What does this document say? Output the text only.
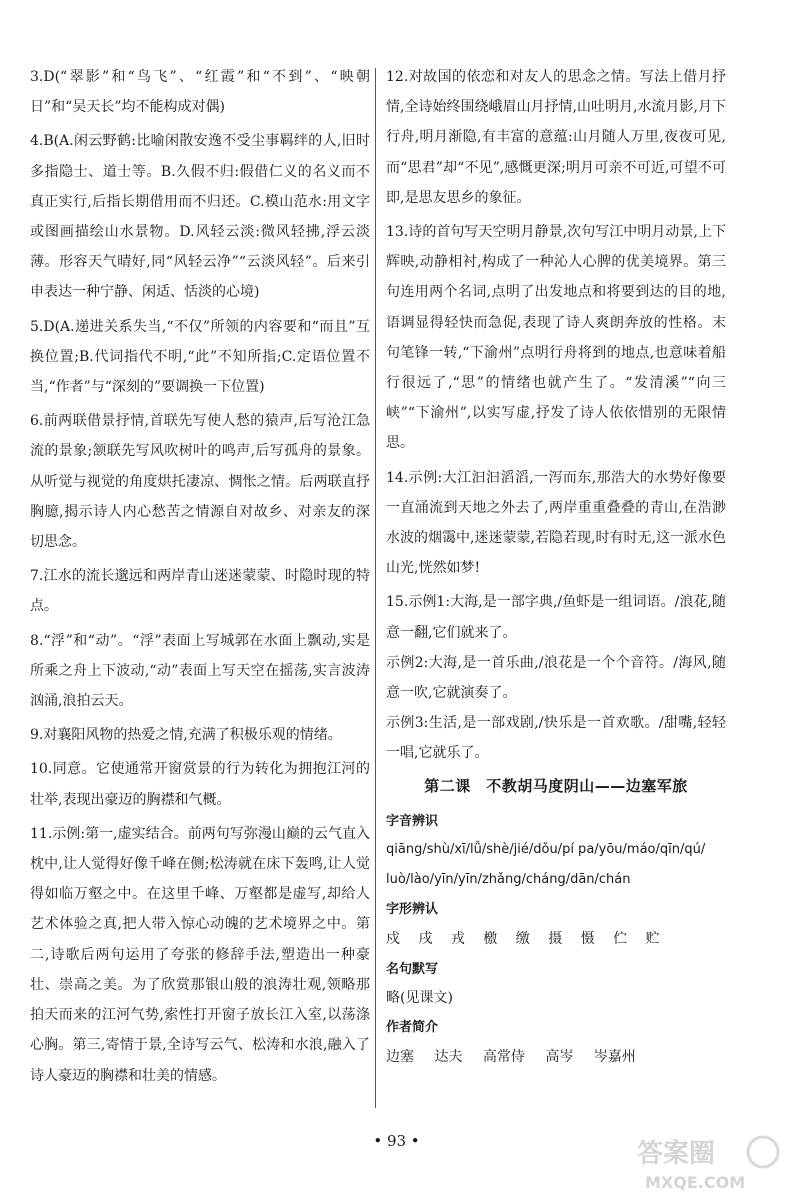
3.D(“翠影”和“鸟飞”、“红霞”和“不到”、“映朝日”和“吴天长”均不能构成对偶)

4.B(A.闲云野鹤:比喻闲散安逸不受尘事羁绊的人,旧时多指隐士、道士等。B.久假不归:假借仁义的名义而不真正实行,后指长期借用而不归还。C.模山范水:用文字或图画描绘山水景物。D.风轻云淡:微风轻拂,浮云淡薄。形容天气晴好,同“风轻云净”“云淡风轻”。后来引申表达一种宁静、闲适、恬淡的心境)

5.D(A.递进关系失当,“不仅”所领的内容要和“而且”互换位置;B.代词指代不明,“此”不知所指;C.定语位置不当,“作者”与“深刻的”要调换一下位置)

6.前两联借景抒情,首联先写使人愁的猿声,后写沧江急流的景象;颔联先写风吹树叶的鸣声,后写孤舟的景象。从听觉与视觉的角度烘托凄凉、惆怅之情。后两联直抒胸臆,揭示诗人内心愁苦之情源自对故乡、对亲友的深切思念。

7.江水的流长邈远和两岸青山迷迷蒙蒙、时隐时现的特点。

8.“浮”和“动”。“浮”表面上写城郭在水面上飘动,实是所乘之舟上下波动,“动”表面上写天空在摇荡,实言波涛汹涌,浪拍云天。

9.对襄阳风物的热爱之情,充满了积极乐观的情绪。

10.同意。它使通常开窗赏景的行为转化为拥抱江河的壮举,表现出豪迈的胸襟和气概。

11.示例:第一,虚实结合。前两句写弥漫山巅的云气直入枕中,让人觉得好像千峰在侧;松涛就在床下轰鸣,让人觉得如临万壑之中。在这里千峰、万壑都是虚写,却给人艺术体验之真,把人带入惊心动魄的艺术境界之中。第二,诗歌后两句运用了夸张的修辞手法,塑造出一种豪壮、崇高之美。为了欣赏那银山般的浪涛壮观,领略那拍天而来的江河气势,索性打开窗子放长江入室,以荡涤心胸。第三,寄情于景,全诗写云气、松涛和水浪,融入了诗人豪迈的胸襟和壮美的情感。

12.对故国的依恋和对友人的思念之情。写法上借月抒情,全诗始终围绕峨眉山月抒情,山吐明月,水流月影,月下行舟,明月渐隐,有丰富的意蕴:山月随人万里,夜夜可见,而“思君”却“不见”,感慨更深;明月可亲不可近,可望不可即,是思友思乡的象征。

13.诗的首句写天空明月静景,次句写江中明月动景,上下辉映,动静相衬,构成了一种沁人心脾的优美境界。第三句连用两个名词,点明了出发地点和将要到达的目的地,语调显得轻快而急促,表现了诗人爽朗奔放的性格。末句笔锋一转,“下渝州”点明行舟将到的地点,也意味着船行很远了,“思”的情绪也就产生了。“发清溪”“向三峡”“下渝州”,以实写虚,抒发了诗人依依惜别的无限情思。

14.示例:大江汩汩滔滔,一泻而东,那浩大的水势好像要一直涌流到天地之外去了,两岸重重叠叠的青山,在浩渺水波的烟霭中,迷迷蒙蒙,若隐若现,时有时无,这一派水色山光,恍然如梦!

15.示例1:大海,是一部字典,/鱼虾是一组词语。/浪花,随意一翻,它们就来了。

示例2:大海,是一首乐曲,/浪花是一个个音符。/海风,随意一吹,它就演奏了。

示例3:生活,是一部戏剧,/快乐是一首欢歌。/甜嘴,轻轻一唱,它就乐了。

第二课　不教胡马度阴山——边塞军旅
字音辨识
qiāng/shù/xī/lǚ/shè/jié/dǒu/pí pa/yōu/máo/qīn/qú/
luò/lào/yīn/yīn/zhǎng/cháng/dān/chán
字形辨认
戍 戌 戎 檄 缴 摄 慑 伫 贮
名句默写
略(见课文)
作者简介
边塞 达夫 高常侍 高岑 岑嘉州
• 93 •	答案圈
MXQE.COM
